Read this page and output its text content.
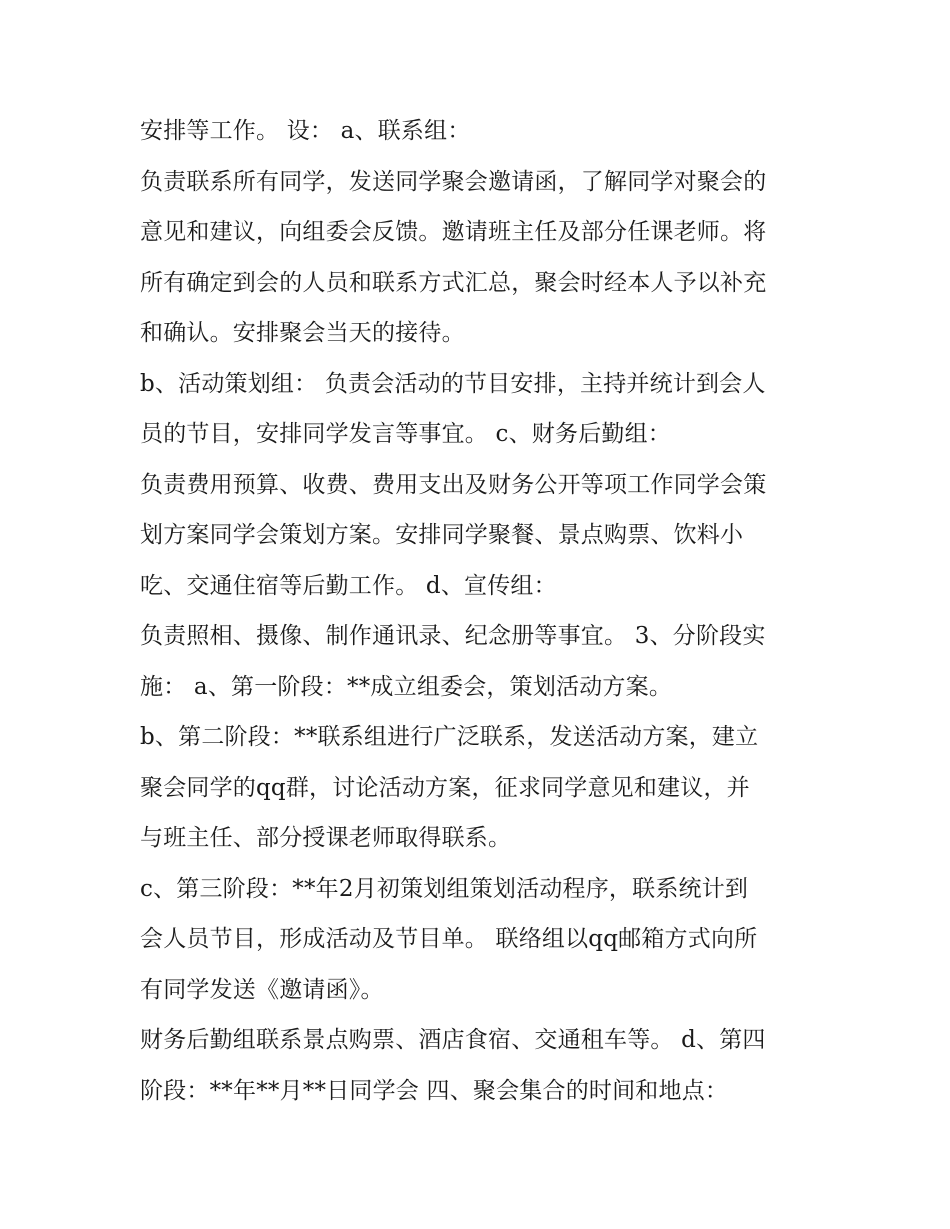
安排等工作。 设： a、联系组：
负责联系所有同学，发送同学聚会邀请函，了解同学对聚会的
意见和建议，向组委会反馈。邀请班主任及部分任课老师。将
所有确定到会的人员和联系方式汇总，聚会时经本人予以补充
和确认。安排聚会当天的接待。
b、活动策划组： 负责会活动的节目安排，主持并统计到会人
员的节目，安排同学发言等事宜。 c、财务后勤组：
负责费用预算、收费、费用支出及财务公开等项工作同学会策
划方案同学会策划方案。安排同学聚餐、景点购票、饮料小
吃、交通住宿等后勤工作。 d、宣传组：
负责照相、摄像、制作通讯录、纪念册等事宜。 3、分阶段实
施： a、第一阶段：**成立组委会，策划活动方案。
b、第二阶段：**联系组进行广泛联系，发送活动方案，建立
聚会同学的qq群，讨论活动方案，征求同学意见和建议，并
与班主任、部分授课老师取得联系。
c、第三阶段：**年2月初策划组策划活动程序，联系统计到
会人员节目，形成活动及节目单。 联络组以qq邮箱方式向所
有同学发送《邀请函》。
财务后勤组联系景点购票、酒店食宿、交通租车等。 d、第四
阶段：**年**月**日同学会 四、聚会集合的时间和地点：
